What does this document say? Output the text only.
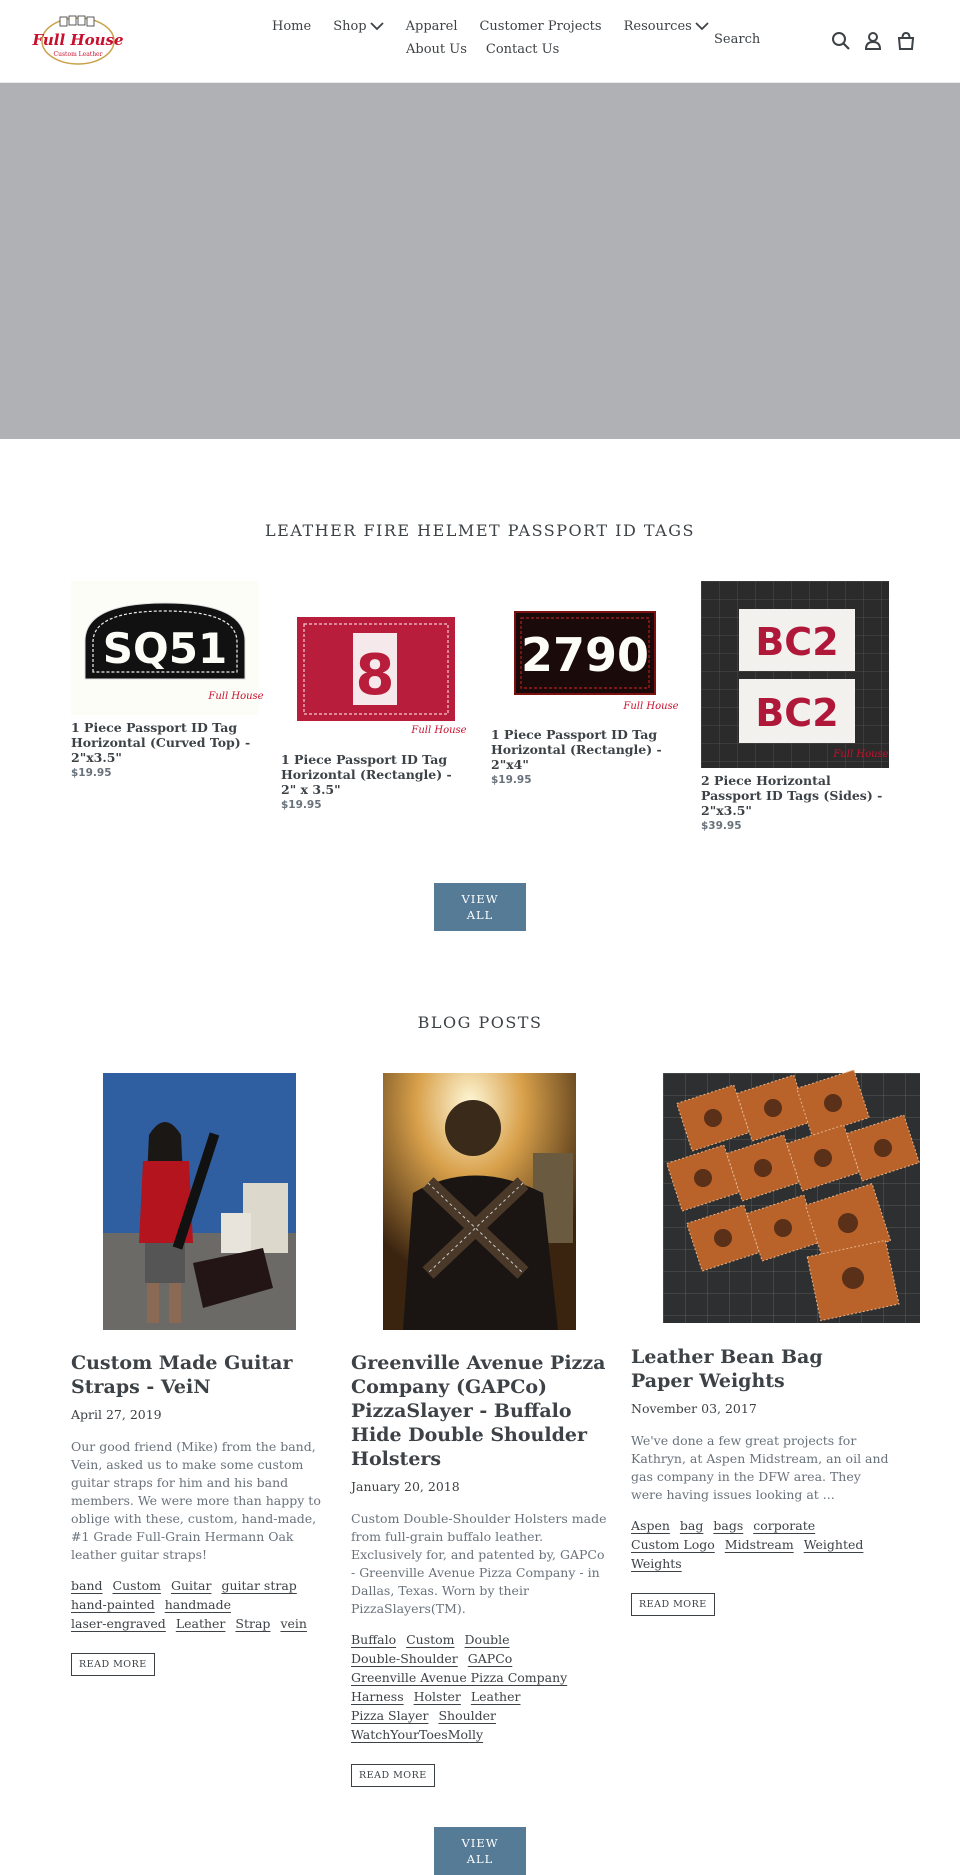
Full House
Custom Leather
Home Shop	Apparel Customer Projects Resources
About Us Contact Us
Search
LEATHER FIRE HELMET PASSPORT ID TAGS
SQ51
Full House
1 Piece Passport ID Tag Horizontal (Curved Top) - 2"x3.5"
$19.95
8
Full House
1 Piece Passport ID Tag Horizontal (Rectangle) - 2" x 3.5"
$19.95
2790
Full House
1 Piece Passport ID Tag Horizontal (Rectangle) - 2"x4"
$19.95
BC2
BC2
Full House
2 Piece Horizontal Passport ID Tags (Sides) - 2"x3.5"
$39.95
VIEW
ALL
BLOG POSTS
Custom Made Guitar Straps - VeiN
April 27, 2019
Our good friend (Mike) from the band, Vein, asked us to make some custom guitar straps for him and his band members. We were more than happy to oblige with these, custom, hand-made, #1 Grade Full-Grain Hermann Oak leather guitar straps!
band Custom Guitar guitar straphand-painted handmadelaser-engraved Leather Strap vein
READ MORE
Greenville Avenue Pizza Company (GAPCo) PizzaSlayer - Buffalo Hide Double Shoulder Holsters
January 20, 2018
Custom Double-Shoulder Holsters made from full-grain buffalo leather. Exclusively for, and patented by, GAPCo - Greenville Avenue Pizza Company - in Dallas, Texas. Worn by their PizzaSlayers(TM).
Buffalo Custom DoubleDouble-Shoulder GAPCoGreenville Avenue Pizza CompanyHarness Holster LeatherPizza Slayer ShoulderWatchYourToesMolly
READ MORE
Leather Bean Bag Paper Weights
November 03, 2017
We've done a few great projects for Kathryn, at Aspen Midstream, an oil and gas company in the DFW area. They were having issues looking at ...
Aspen bag bags corporateCustom Logo Midstream WeightedWeights
READ MORE
VIEW
ALL
